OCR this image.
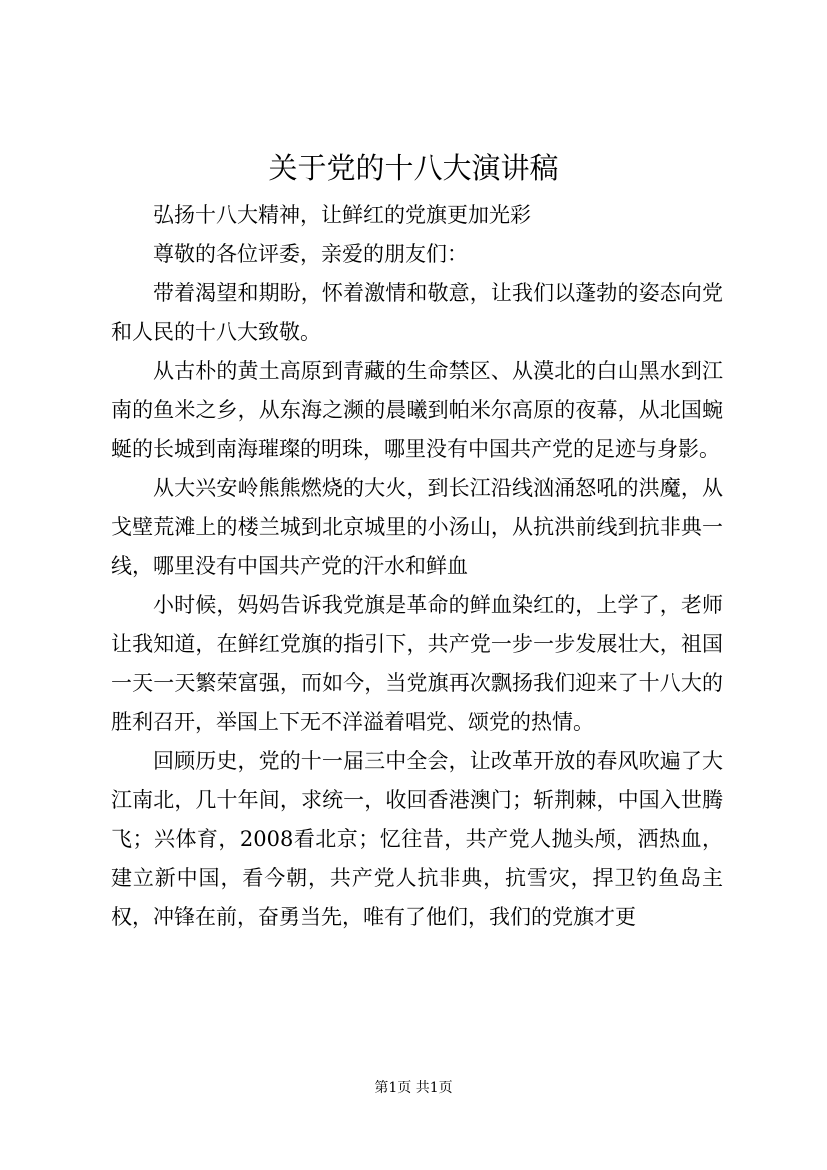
关于党的十八大演讲稿

弘扬十八大精神，让鲜红的党旗更加光彩

尊敬的各位评委，亲爱的朋友们：

带着渴望和期盼，怀着激情和敬意，让我们以蓬勃的姿态向党和人民的十八大致敬。

从古朴的黄土高原到青藏的生命禁区、从漠北的白山黑水到江南的鱼米之乡，从东海之濒的晨曦到帕米尔高原的夜幕，从北国蜿蜒的长城到南海璀璨的明珠，哪里没有中国共产党的足迹与身影。

从大兴安岭熊熊燃烧的大火，到长江沿线汹涌怒吼的洪魔，从戈壁荒滩上的楼兰城到北京城里的小汤山，从抗洪前线到抗非典一线，哪里没有中国共产党的汗水和鲜血

小时候，妈妈告诉我党旗是革命的鲜血染红的，上学了，老师让我知道，在鲜红党旗的指引下，共产党一步一步发展壮大，祖国一天一天繁荣富强，而如今，当党旗再次飘扬我们迎来了十八大的胜利召开，举国上下无不洋溢着唱党、颂党的热情。

回顾历史，党的十一届三中全会，让改革开放的春风吹遍了大江南北，几十年间，求统一，收回香港澳门；斩荆棘，中国入世腾飞；兴体育，2008看北京；忆往昔，共产党人抛头颅，洒热血，建立新中国，看今朝，共产党人抗非典，抗雪灾，捍卫钓鱼岛主权，冲锋在前，奋勇当先，唯有了他们，我们的党旗才更

第1页 共1页
